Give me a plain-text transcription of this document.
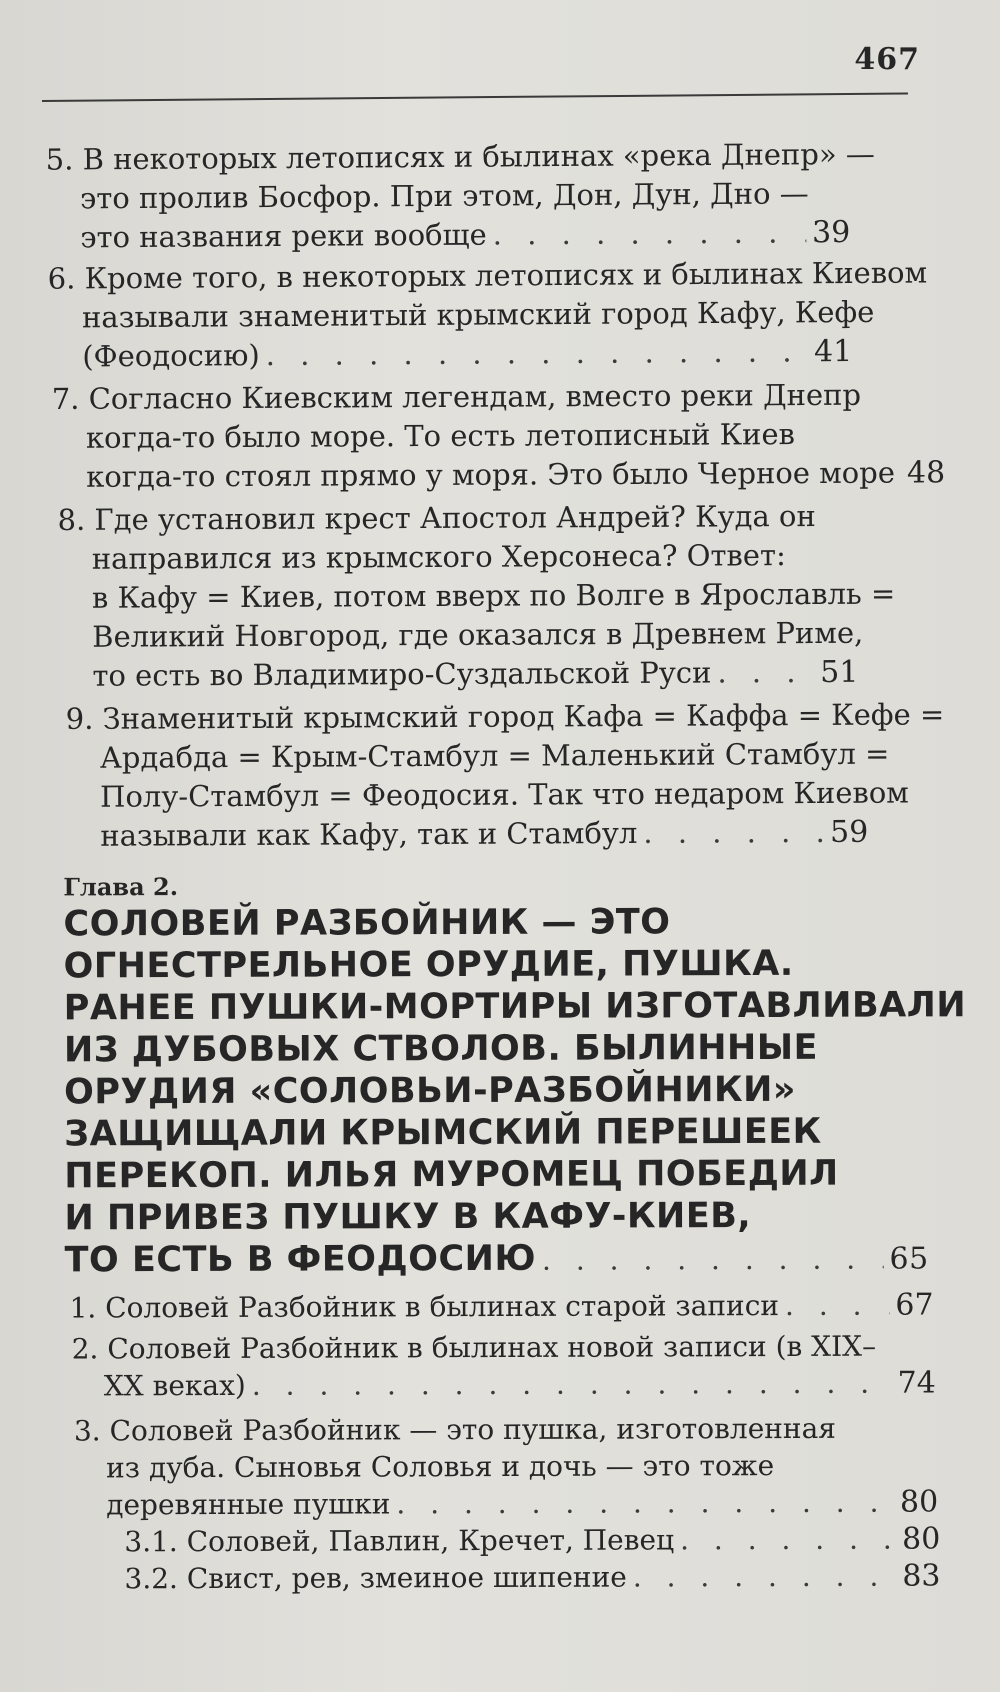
467
5. В некоторых летописях и былинах «река Днепр» —
это пролив Босфор. При этом, Дон, Дун, Дно —
это названия реки вообще . . .	39
6. Кроме того, в некоторых летописях и былинах Киевом
называли знаменитый крымский город Кафу, Кефе
(Феодосию) . . .	41
7. Согласно Киевским легендам, вместо реки Днепр
когда-то было море. То есть летописный Киев
когда-то стоял прямо у моря. Это было Черное море . . . 48
8. Где установил крест Апостол Андрей? Куда он
направился из крымского Херсонеса? Ответ:
в Кафу = Киев, потом вверх по Волге в Ярославль =
Великий Новгород, где оказался в Древнем Риме,
то есть во Владимиро-Суздальской Руси . . .	51
9. Знаменитый крымский город Кафа = Каффа = Кефе =
Ардабда = Крым-Стамбул = Маленький Стамбул =
Полу-Стамбул = Феодосия. Так что недаром Киевом
называли как Кафу, так и Стамбул . . .	59
Глава 2.
СОЛОВЕЙ РАЗБОЙНИК — ЭТО
ОГНЕСТРЕЛЬНОЕ ОРУДИЕ, ПУШКА.
РАНЕЕ ПУШКИ-МОРТИРЫ ИЗГОТАВЛИВАЛИ
ИЗ ДУБОВЫХ СТВОЛОВ. БЫЛИННЫЕ
ОРУДИЯ «СОЛОВЬИ-РАЗБОЙНИКИ»
ЗАЩИЩАЛИ КРЫМСКИЙ ПЕРЕШЕЕК
ПЕРЕКОП. ИЛЬЯ МУРОМЕЦ ПОБЕДИЛ
И ПРИВЕЗ ПУШКУ В КАФУ-КИЕВ,
ТО ЕСТЬ В ФЕОДОСИЮ . . .	65
1. Соловей Разбойник в былинах старой записи . . .	67
2. Соловей Разбойник в былинах новой записи (в XIX–
XX веках) . . .	74
3. Соловей Разбойник — это пушка, изготовленная
из дуба. Сыновья Соловья и дочь — это тоже
деревянные пушки . . .	80
3.1. Соловей, Павлин, Кречет, Певец . . .	80
3.2. Свист, рев, змеиное шипение . . .	83
